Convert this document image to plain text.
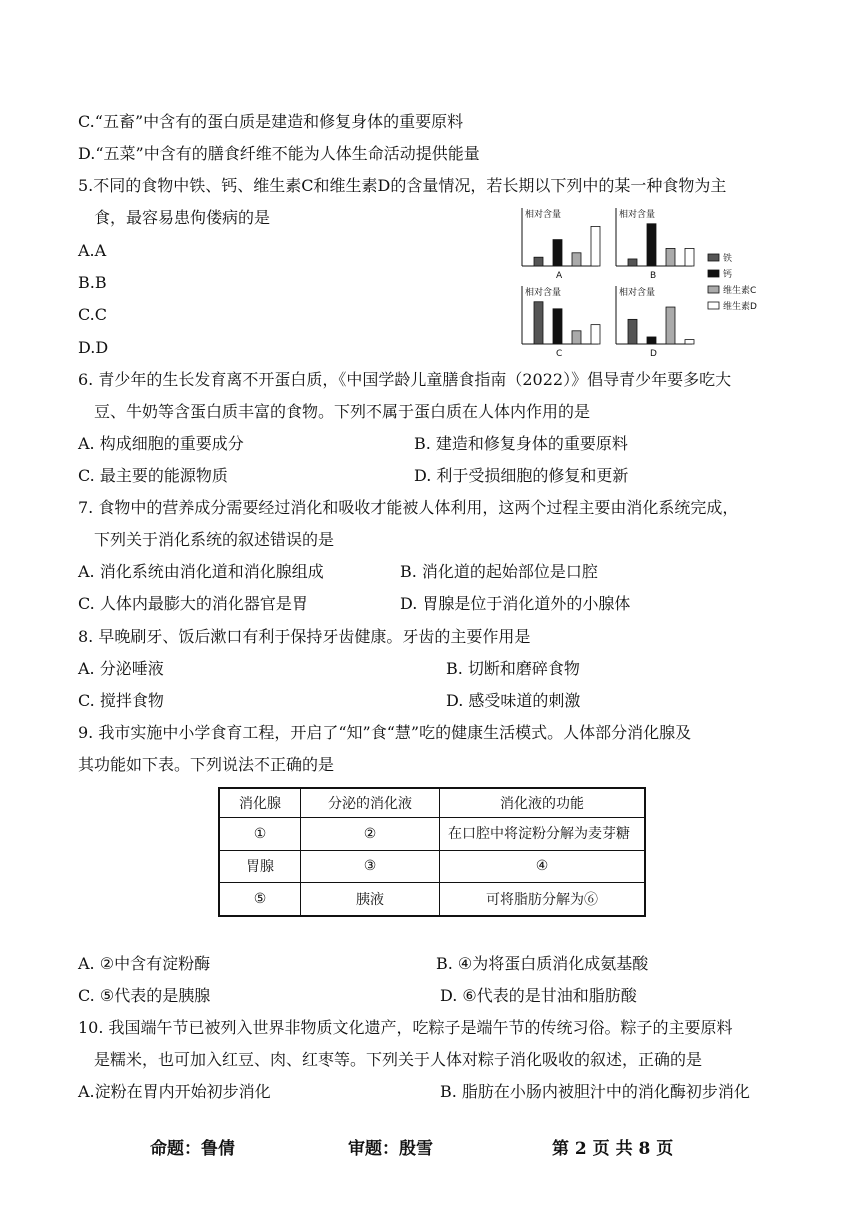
C.“五畜”中含有的蛋白质是建造和修复身体的重要原料
D.“五菜”中含有的膳食纤维不能为人体生命活动提供能量
5.不同的食物中铁、钙、维生素C和维生素D的含量情况，若长期以下列中的某一种食物为主
食，最容易患佝偻病的是
A.A
B.B
C.C
D.D
相对含量
A
相对含量
B
相对含量
C
相对含量
D
铁
钙
维生素C
维生素D
6. 青少年的生长发育离不开蛋白质，《中国学龄儿童膳食指南（2022）》倡导青少年要多吃大
豆、牛奶等含蛋白质丰富的食物。下列不属于蛋白质在人体内作用的是
A. 构成细胞的重要成分	B. 建造和修复身体的重要原料
C. 最主要的能源物质	D. 利于受损细胞的修复和更新
7. 食物中的营养成分需要经过消化和吸收才能被人体利用，这两个过程主要由消化系统完成，
下列关于消化系统的叙述错误的是
A. 消化系统由消化道和消化腺组成	B. 消化道的起始部位是口腔
C. 人体内最膨大的消化器官是胃	D. 胃腺是位于消化道外的小腺体
8. 早晚刷牙、饭后漱口有利于保持牙齿健康。牙齿的主要作用是
A. 分泌唾液	B. 切断和磨碎食物
C. 搅拌食物	D. 感受味道的刺激
9. 我市实施中小学食育工程，开启了“知”食“慧”吃的健康生活模式。人体部分消化腺及
其功能如下表。下列说法不正确的是
消化腺	分泌的消化液	消化液的功能
①	②	在口腔中将淀粉分解为麦芽糖
胃腺	③	④
⑤	胰液	可将脂肪分解为⑥
A. ②中含有淀粉酶	B. ④为将蛋白质消化成氨基酸
C. ⑤代表的是胰腺	D. ⑥代表的是甘油和脂肪酸
10. 我国端午节已被列入世界非物质文化遗产，吃粽子是端午节的传统习俗。粽子的主要原料
是糯米，也可加入红豆、肉、红枣等。下列关于人体对粽子消化吸收的叙述，正确的是
A.淀粉在胃内开始初步消化	B. 脂肪在小肠内被胆汁中的消化酶初步消化
命题：鲁倩	审题：殷雪	第 2 页 共 8 页
